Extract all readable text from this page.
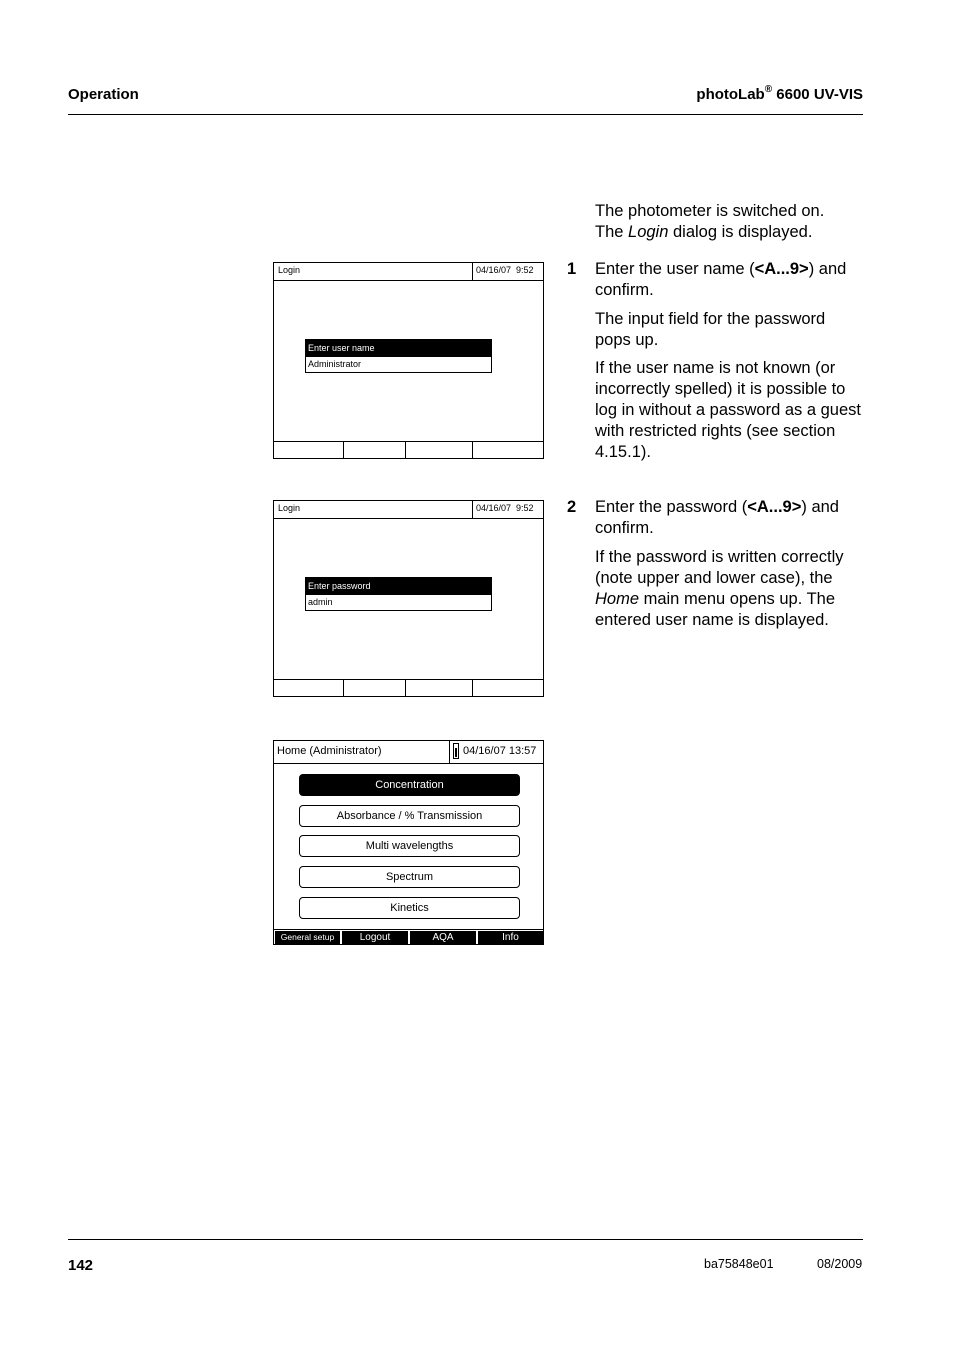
Operation	photoLab® 6600 UV-VIS

The photometer is switched on.

The Login dialog is displayed.

1 Enter the user name (<A...9>) and confirm.

The input field for the password pops up.
If the user name is not known (or incorrectly spelled) it is possible to log in without a password as a guest with restricted rights (see section 4.15.1).
2 Enter the password (<A...9>) and confirm.

If the password is written correctly (note upper and lower case), the Home main menu opens up. The entered user name is displayed.
Login	04/16/07  9:52
Enter user name
Administrator
Login	04/16/07  9:52
Enter password
admin
Home (Administrator)	04/16/07 13:57
Concentration
Absorbance / % Transmission
Multi wavelengths
Spectrum
Kinetics
General setup	Logout	AQA	Info
142	ba75848e01	08/2009
